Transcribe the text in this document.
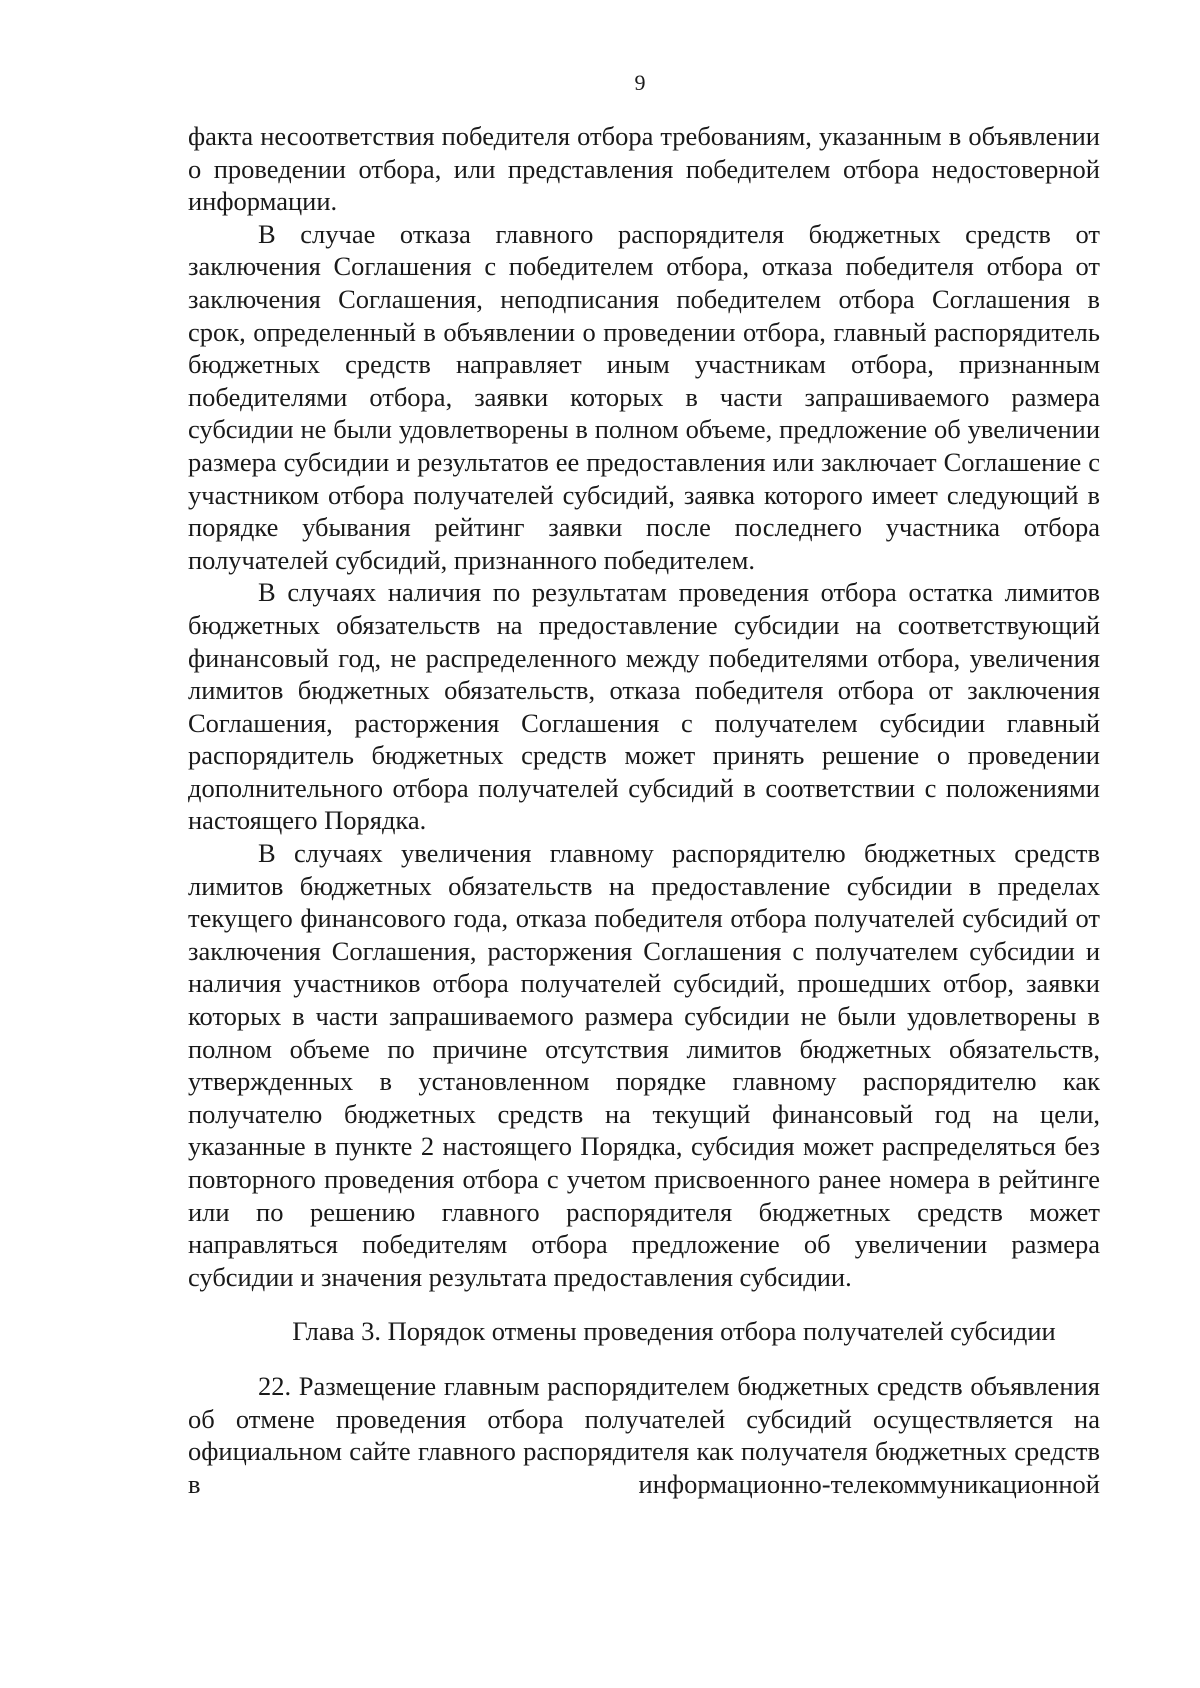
9

факта несоответствия победителя отбора требованиям, указанным в объявлении о проведении отбора, или представления победителем отбора недостоверной информации.

В случае отказа главного распорядителя бюджетных средств от заключения Соглашения с победителем отбора, отказа победителя отбора от заключения Соглашения, неподписания победителем отбора Соглашения в срок, определенный в объявлении о проведении отбора, главный распорядитель бюджетных средств направляет иным участникам отбора, признанным победителями отбора, заявки которых в части запрашиваемого размера субсидии не были удовлетворены в полном объеме, предложение об увеличении размера субсидии и результатов ее предоставления или заключает Соглашение с участником отбора получателей субсидий, заявка которого имеет следующий в порядке убывания рейтинг заявки после последнего участника отбора получателей субсидий, признанного победителем.

В случаях наличия по результатам проведения отбора остатка лимитов бюджетных обязательств на предоставление субсидии на соответствующий финансовый год, не распределенного между победителями отбора, увеличения лимитов бюджетных обязательств, отказа победителя отбора от заключения Соглашения, расторжения Соглашения с получателем субсидии главный распорядитель бюджетных средств может принять решение о проведении дополнительного отбора получателей субсидий в соответствии с положениями настоящего Порядка.

В случаях увеличения главному распорядителю бюджетных средств лимитов бюджетных обязательств на предоставление субсидии в пределах текущего финансового года, отказа победителя отбора получателей субсидий от заключения Соглашения, расторжения Соглашения с получателем субсидии и наличия участников отбора получателей субсидий, прошедших отбор, заявки которых в части запрашиваемого размера субсидии не были удовлетворены в полном объеме по причине отсутствия лимитов бюджетных обязательств, утвержденных в установленном порядке главному распорядителю как получателю бюджетных средств на текущий финансовый год на цели, указанные в пункте 2 настоящего Порядка, субсидия может распределяться без повторного проведения отбора с учетом присвоенного ранее номера в рейтинге или по решению главного распорядителя бюджетных средств может направляться победителям отбора предложение об увеличении размера субсидии и значения результата предоставления субсидии.

Глава 3. Порядок отмены проведения отбора получателей субсидии

22. Размещение главным распорядителем бюджетных средств объявления об отмене проведения отбора получателей субсидий осуществляется на официальном сайте главного распорядителя как получателя бюджетных средств в информационно-телекоммуникационной
